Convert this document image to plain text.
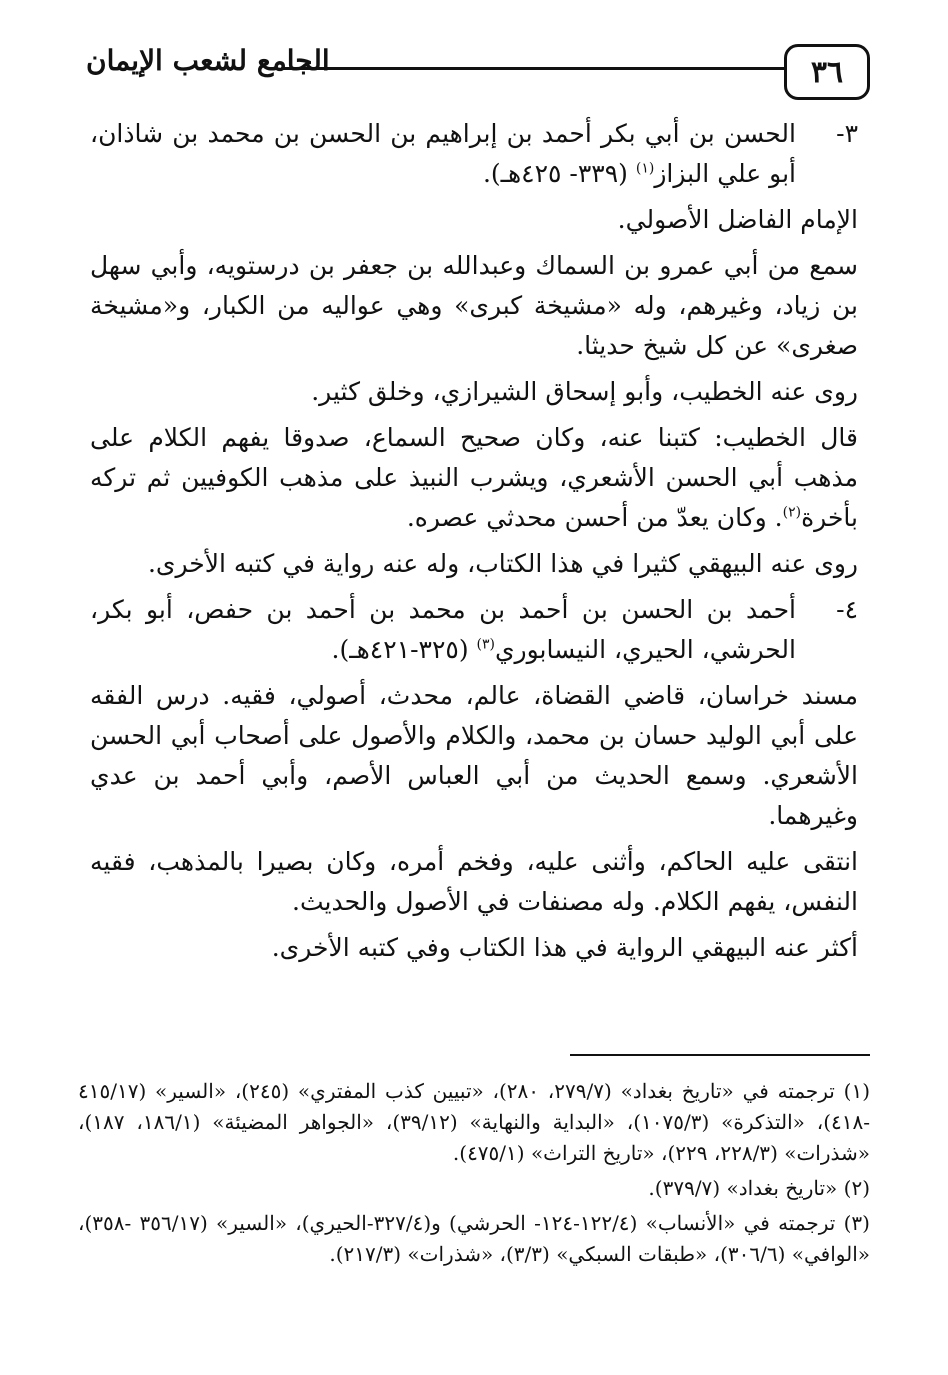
٣٦
الجامع لشعب الإيمان

٣-
الحسن بن أبي بكر أحمد بن إبراهيم بن الحسن بن محمد بن شاذان، أبو علي البزاز$^{(١)}$ (٣٣٩- ٤٢٥هـ).

الإمام الفاضل الأصولي.

سمع من أبي عمرو بن السماك وعبدالله بن جعفر بن درستويه، وأبي سهل بن زياد، وغيرهم، وله «مشيخة كبرى» وهي عواليه من الكبار، و«مشيخة صغرى» عن كل شيخ حديثا.

روى عنه الخطيب، وأبو إسحاق الشيرازي، وخلق كثير.

قال الخطيب: كتبنا عنه، وكان صحيح السماع، صدوقا يفهم الكلام على مذهب أبي الحسن الأشعري، ويشرب النبيذ على مذهب الكوفيين ثم تركه بأخرة$^{(٢)}$. وكان يعدّ من أحسن محدثي عصره.

روى عنه البيهقي كثيرا في هذا الكتاب، وله عنه رواية في كتبه الأخرى.

٤-
أحمد بن الحسن بن أحمد بن محمد بن أحمد بن حفص، أبو بكر، الحرشي، الحيري، النيسابوري$^{(٣)}$ (٣٢٥-٤٢١هـ).

مسند خراسان، قاضي القضاة، عالم، محدث، أصولي، فقيه. درس الفقه على أبي الوليد حسان بن محمد، والكلام والأصول على أصحاب أبي الحسن الأشعري. وسمع الحديث من أبي العباس الأصم، وأبي أحمد بن عدي وغيرهما.

انتقى عليه الحاكم، وأثنى عليه، وفخم أمره، وكان بصيرا بالمذهب، فقيه النفس، يفهم الكلام. وله مصنفات في الأصول والحديث.

أكثر عنه البيهقي الرواية في هذا الكتاب وفي كتبه الأخرى.

(١) ترجمته في «تاريخ بغداد» (٢٧٩/٧، ٢٨٠)، «تبيين كذب المفتري» (٢٤٥)، «السير» (٤١٥/١٧ -٤١٨)، «التذكرة» (١٠٧٥/٣)، «البداية والنهاية» (٣٩/١٢)، «الجواهر المضيئة» (١٨٦/١، ١٨٧)، «شذرات» (٢٢٨/٣، ٢٢٩)، «تاريخ التراث» (٤٧٥/١).

(٢) «تاريخ بغداد» (٣٧٩/٧).

(٣) ترجمته في «الأنساب» (١٢٢/٤-١٢٤- الحرشي) و(٣٢٧/٤-الحيري)، «السير» (٣٥٦/١٧ -٣٥٨)، «الوافي» (٣٠٦/٦)، «طبقات السبكي» (٣/٣)، «شذرات» (٢١٧/٣).
